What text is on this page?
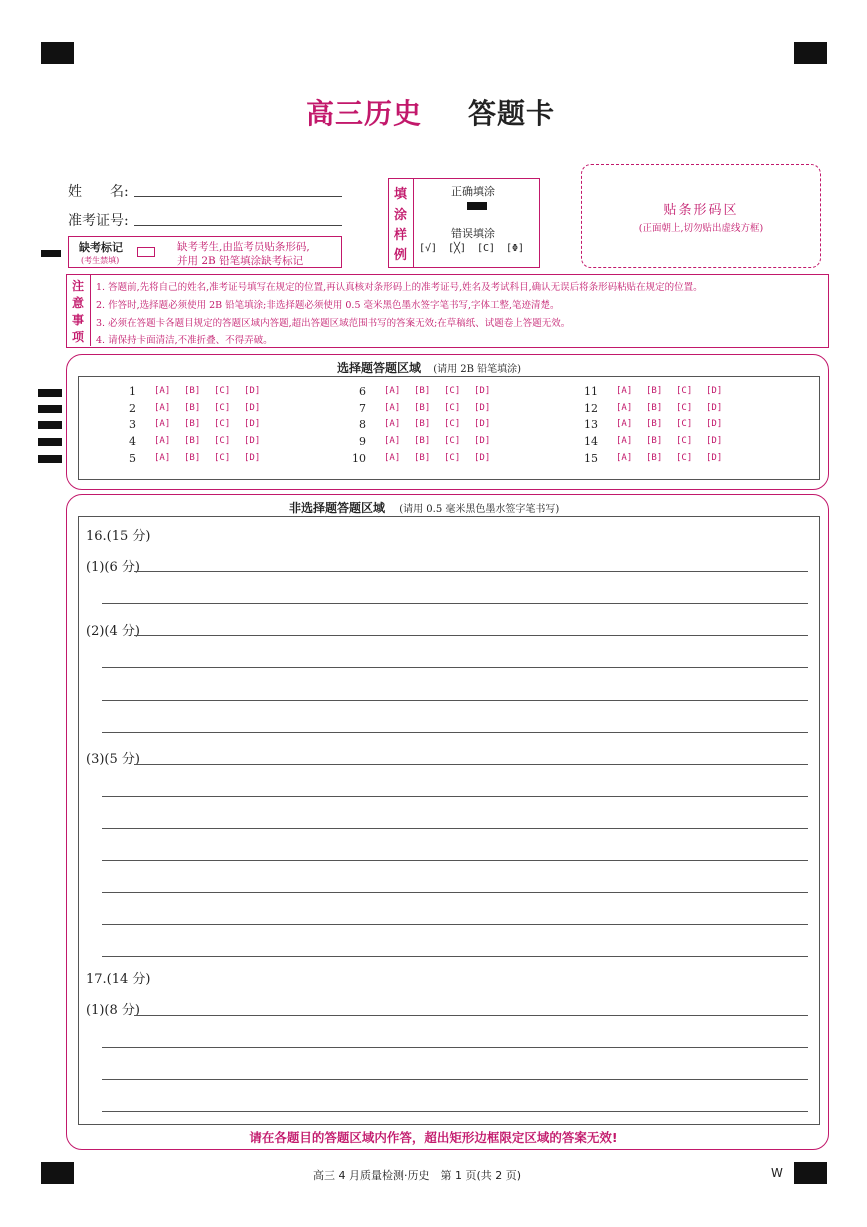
高三历史 答题卡
姓　　名:
准考证号:
缺考标记
(考生禁填)
缺考考生,由监考员贴条形码,
并用 2B 铅笔填涂缺考标记
填
涂
样
例
正确填涂
错误填涂
[√] [╳] [C] [Φ]
贴条形码区
(正面朝上,切勿贴出虚线方框)
注
意
事
项
1. 答题前,先将自己的姓名,准考证号填写在规定的位置,再认真核对条形码上的准考证号,姓名及考试科目,确认无误后将条形码粘贴在规定的位置。
2. 作答时,选择题必须使用 2B 铅笔填涂;非选择题必须使用 0.5 毫米黑色墨水签字笔书写,字体工整,笔迹清楚。
3. 必须在答题卡各题目规定的答题区域内答题,超出答题区域范围书写的答案无效;在草稿纸、试题卷上答题无效。
4. 请保持卡面清洁,不准折叠、不得弄破。
选择题答题区域 (请用 2B 铅笔填涂)
1 [A] [B] [C] [D]
2 [A] [B] [C] [D]
3 [A] [B] [C] [D]
4 [A] [B] [C] [D]
5 [A] [B] [C] [D]
6 [A] [B] [C] [D]
7 [A] [B] [C] [D]
8 [A] [B] [C] [D]
9 [A] [B] [C] [D]
10 [A] [B] [C] [D]
11 [A] [B] [C] [D]
12 [A] [B] [C] [D]
13 [A] [B] [C] [D]
14 [A] [B] [C] [D]
15 [A] [B] [C] [D]
非选择题答题区域 (请用 0.5 毫米黑色墨水签字笔书写)
16.(15 分)
(1)(6 分)
(2)(4 分)
(3)(5 分)
17.(14 分)
(1)(8 分)
请在各题目的答题区域内作答，超出矩形边框限定区域的答案无效!
高三 4 月质量检测·历史　第 1 页(共 2 页)	W
